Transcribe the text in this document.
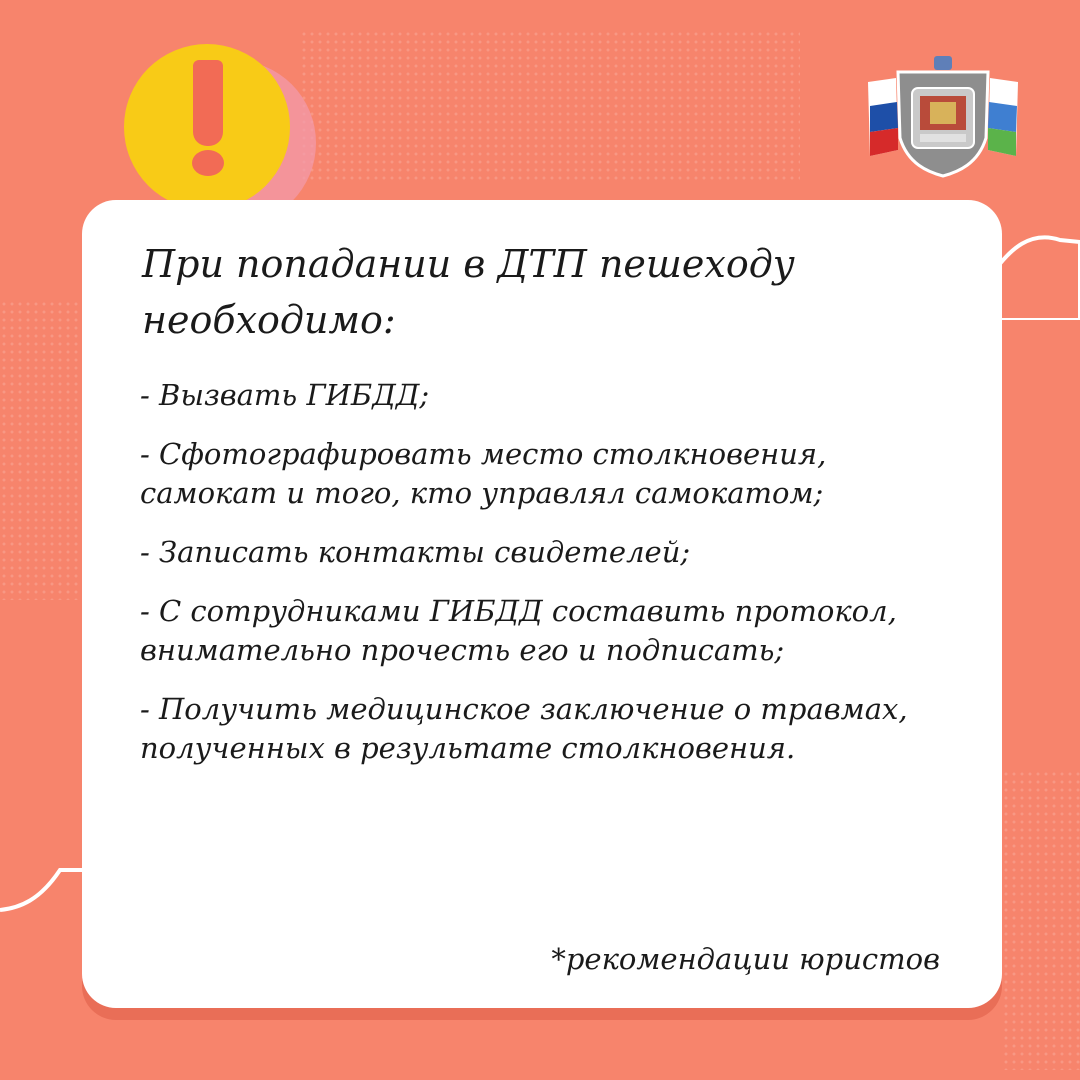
При попадании в ДТП пешеходу необходимо:
- Вызвать ГИБДД;
- Сфотографировать место столкновения, самокат и того, кто управлял самокатом;
- Записать контакты свидетелей;
- С сотрудниками ГИБДД составить протокол, внимательно прочесть его и подписать;
- Получить медицинское заключение о травмах, полученных в результате столкновения.
*рекомендации юристов
